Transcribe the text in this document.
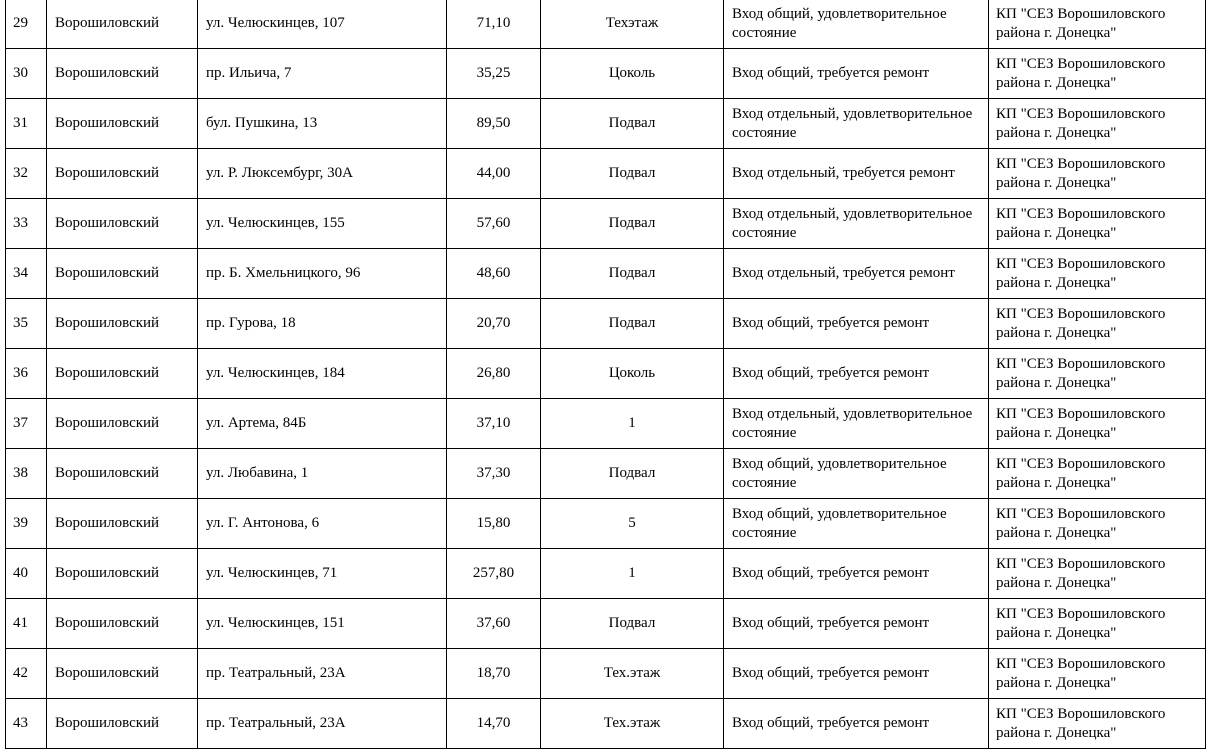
29	Ворошиловский	ул. Челюскинцев, 107	71,10	Техэтаж	Вход общий, удовлетворительное состояние	КП "СЕЗ Ворошиловского района г. Донецка"
30	Ворошиловский	пр. Ильича, 7	35,25	Цоколь	Вход общий, требуется ремонт	КП "СЕЗ Ворошиловского района г. Донецка"
31	Ворошиловский	бул. Пушкина, 13	89,50	Подвал	Вход отдельный, удовлетворительное состояние	КП "СЕЗ Ворошиловского района г. Донецка"
32	Ворошиловский	ул. Р. Люксембург, 30А	44,00	Подвал	Вход отдельный, требуется ремонт	КП "СЕЗ Ворошиловского района г. Донецка"
33	Ворошиловский	ул. Челюскинцев, 155	57,60	Подвал	Вход отдельный, удовлетворительное состояние	КП "СЕЗ Ворошиловского района г. Донецка"
34	Ворошиловский	пр. Б. Хмельницкого, 96	48,60	Подвал	Вход отдельный, требуется ремонт	КП "СЕЗ Ворошиловского района г. Донецка"
35	Ворошиловский	пр. Гурова, 18	20,70	Подвал	Вход общий, требуется ремонт	КП "СЕЗ Ворошиловского района г. Донецка"
36	Ворошиловский	ул. Челюскинцев, 184	26,80	Цоколь	Вход общий, требуется ремонт	КП "СЕЗ Ворошиловского района г. Донецка"
37	Ворошиловский	ул. Артема, 84Б	37,10	1	Вход отдельный, удовлетворительное состояние	КП "СЕЗ Ворошиловского района г. Донецка"
38	Ворошиловский	ул. Любавина, 1	37,30	Подвал	Вход общий, удовлетворительное состояние	КП "СЕЗ Ворошиловского района г. Донецка"
39	Ворошиловский	ул. Г. Антонова, 6	15,80	5	Вход общий, удовлетворительное состояние	КП "СЕЗ Ворошиловского района г. Донецка"
40	Ворошиловский	ул. Челюскинцев, 71	257,80	1	Вход общий, требуется ремонт	КП "СЕЗ Ворошиловского района г. Донецка"
41	Ворошиловский	ул. Челюскинцев, 151	37,60	Подвал	Вход общий, требуется ремонт	КП "СЕЗ Ворошиловского района г. Донецка"
42	Ворошиловский	пр. Театральный, 23А	18,70	Тех.этаж	Вход общий, требуется ремонт	КП "СЕЗ Ворошиловского района г. Донецка"
43	Ворошиловский	пр. Театральный, 23А	14,70	Тех.этаж	Вход общий, требуется ремонт	КП "СЕЗ Ворошиловского района г. Донецка"
